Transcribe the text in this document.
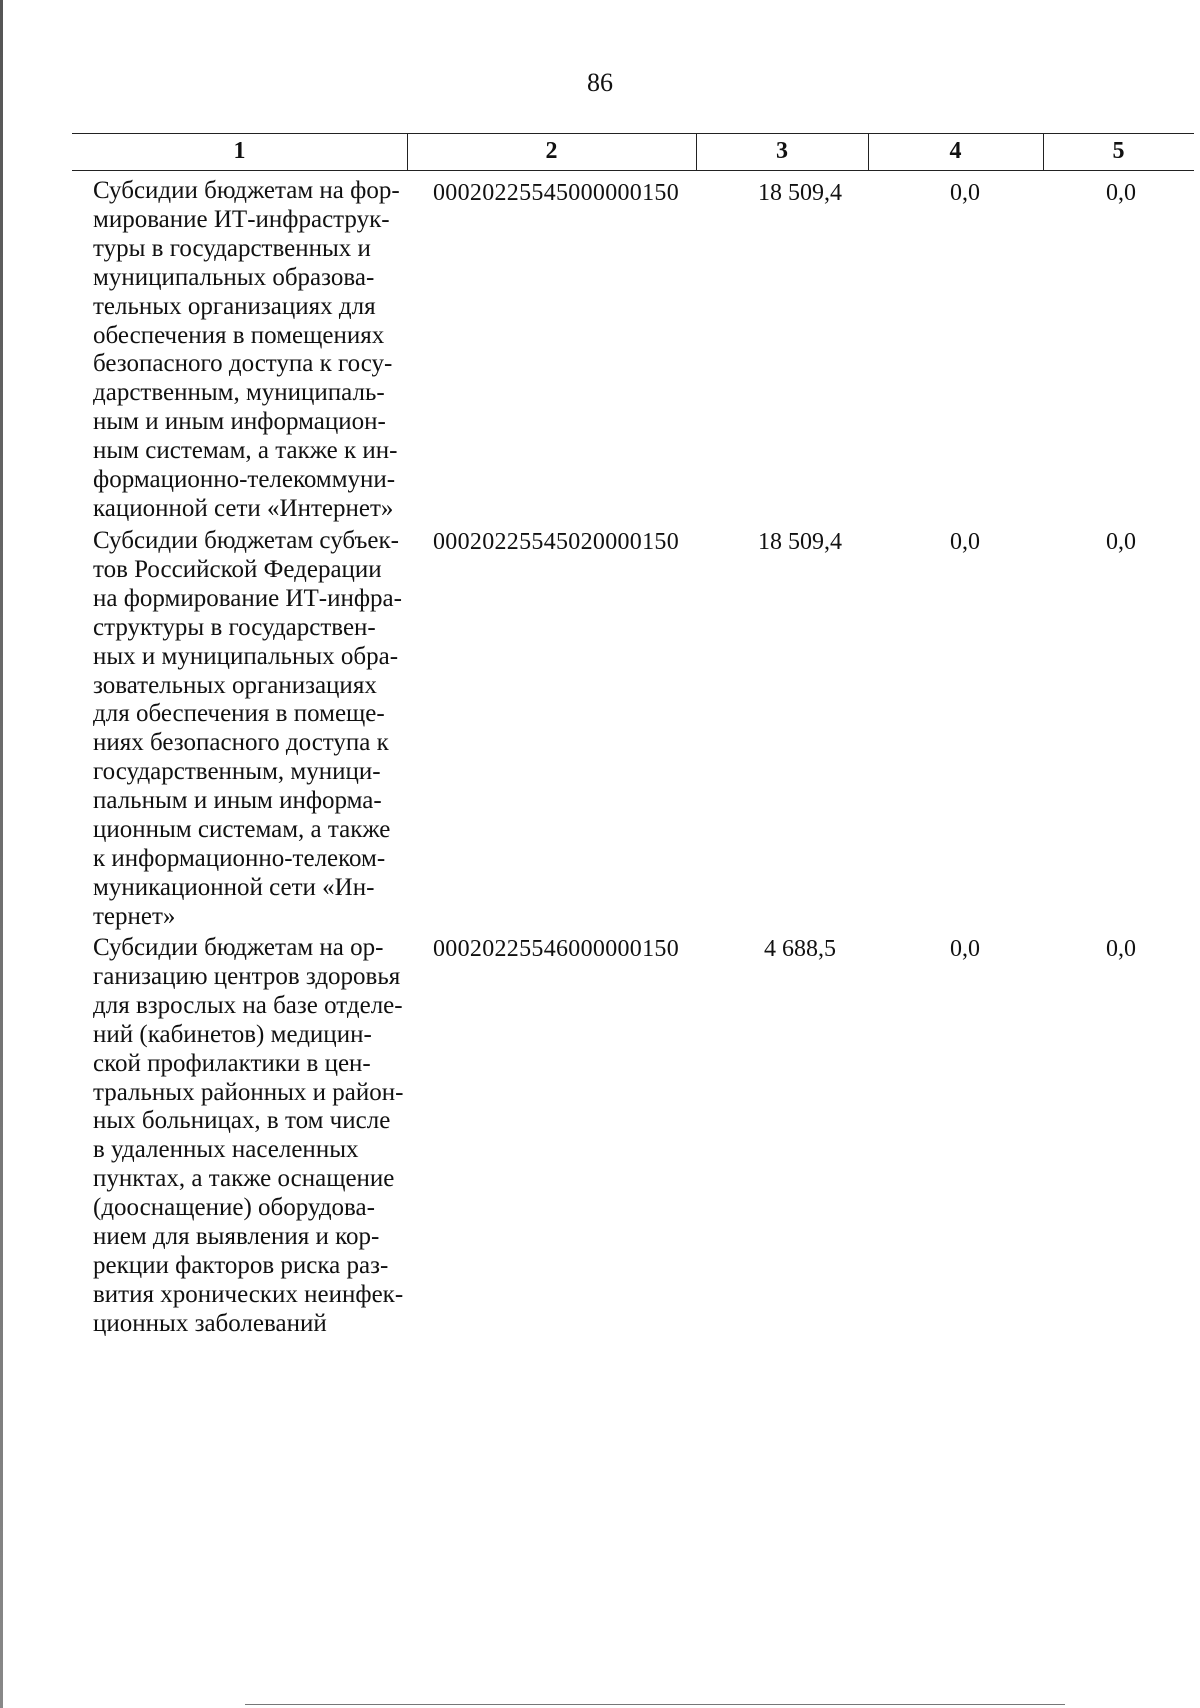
86
1	2	3	4	5
Субсидии бюджетам на фор-
мирование ИТ-инфраструк-
туры в государственных и
муниципальных образова-
тельных организациях для
обеспечения в помещениях
безопасного доступа к госу-
дарственным, муниципаль-
ным и иным информацион-
ным системам, а также к ин-
формационно-телекоммуни-
кационной сети «Интернет»
00020225545000000150	18 509,4	0,0	0,0
Субсидии бюджетам субъек-
тов Российской Федерации
на формирование ИТ-инфра-
структуры в государствен-
ных и муниципальных обра-
зовательных организациях
для обеспечения в помеще-
ниях безопасного доступа к
государственным, муници-
пальным и иным информа-
ционным системам, а также
к информационно-телеком-
муникационной сети «Ин-
тернет»
00020225545020000150	18 509,4	0,0	0,0
Субсидии бюджетам на ор-
ганизацию центров здоровья
для взрослых на базе отделе-
ний (кабинетов) медицин-
ской профилактики в цен-
тральных районных и район-
ных больницах, в том числе
в удаленных населенных
пунктах, а также оснащение
(дооснащение) оборудова-
нием для выявления и кор-
рекции факторов риска раз-
вития хронических неинфек-
ционных заболеваний
00020225546000000150	4 688,5	0,0	0,0
